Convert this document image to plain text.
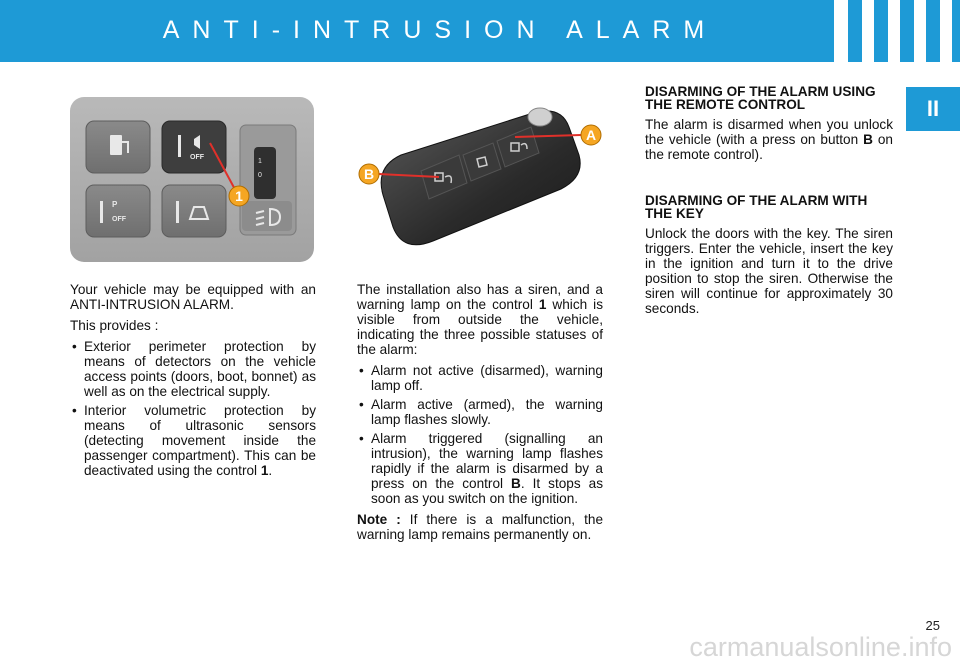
ANTI-INTRUSION ALARM
II
OFF
P
OFF
1
0
1
A
B

Your vehicle may be equipped with an ANTI-INTRUSION ALARM.

This provides :

• Exterior perimeter protection by means of detectors on the vehicle access points (doors, boot, bonnet) as well as on the electrical supply.
• Interior volumetric protection by means of ultrasonic sensors (detecting movement inside the passenger compartment). This can be deactivated using the control 1.

The installation also has a siren, and a warning lamp on the control 1 which is visible from outside the vehicle, indicating the three possible statuses of the alarm:

• Alarm not active (disarmed), warning lamp off.
• Alarm active (armed), the warning lamp flashes slowly.
• Alarm triggered (signalling an intrusion), the warning lamp flashes rapidly if the alarm is disarmed by a press on the control B. It stops as soon as you switch on the ignition.

Note : If there is a malfunction, the warning lamp remains permanently on.

DISARMING OF THE ALARM USING THE REMOTE CONTROL

The alarm is disarmed when you unlock the vehicle (with a press on button B on the remote control).

DISARMING OF THE ALARM WITH THE KEY

Unlock the doors with the key. The siren triggers. Enter the vehicle, insert the key in the ignition and turn it to the drive position to stop the siren. Otherwise the siren will continue for approximately 30 seconds.

25
carmanualsonline.info
